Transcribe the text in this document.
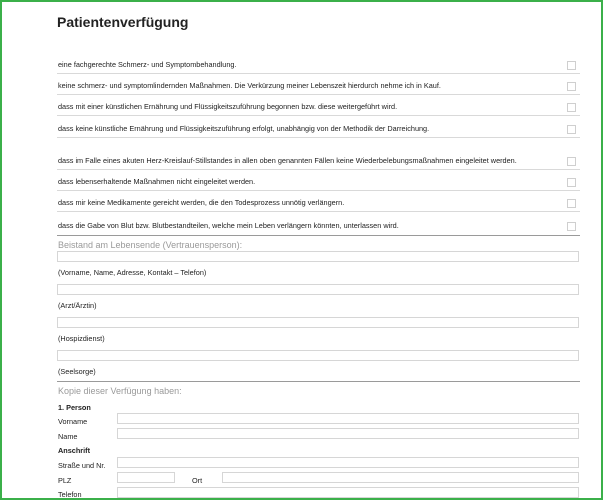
Patientenverfügung
eine fachgerechte Schmerz- und Symptombehandlung.
keine schmerz- und symptomlindernden Maßnahmen. Die Verkürzung meiner Lebenszeit hierdurch nehme ich in Kauf.
dass mit einer künstlichen Ernährung und Flüssigkeitszuführung begonnen bzw. diese weitergeführt wird.
dass keine künstliche Ernährung und Flüssigkeitszuführung erfolgt, unabhängig von der Methodik der Darreichung.
dass im Falle eines akuten Herz-Kreislauf-Stillstandes in allen oben genannten Fällen keine Wiederbelebungsmaßnahmen eingeleitet werden.
dass lebenserhaltende Maßnahmen nicht eingeleitet werden.
dass mir keine Medikamente gereicht werden, die den Todesprozess unnötig verlängern.
dass die Gabe von Blut bzw. Blutbestandteilen, welche mein Leben verlängern könnten, unterlassen wird.
Beistand am Lebensende (Vertrauensperson):
(Vorname, Name, Adresse, Kontakt – Telefon)
(Arzt/Ärztin)
(Hospizdienst)
(Seelsorge)
Kopie dieser Verfügung haben:
1. Person
Vorname
Name
Anschrift
Straße und Nr.
PLZ	Ort
Telefon
